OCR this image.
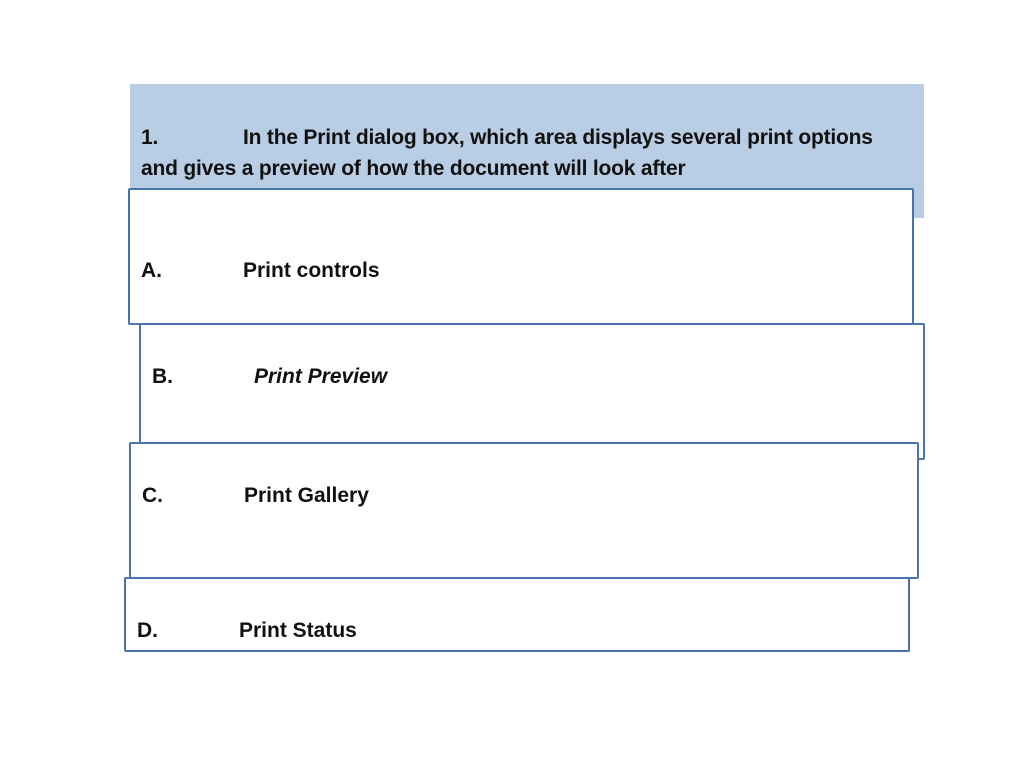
1.	In the Print dialog box, which area displays several print options and gives a preview of how the document will look after
A.	Print controls
B.	Print Preview
C.	Print Gallery
D.	Print Status
